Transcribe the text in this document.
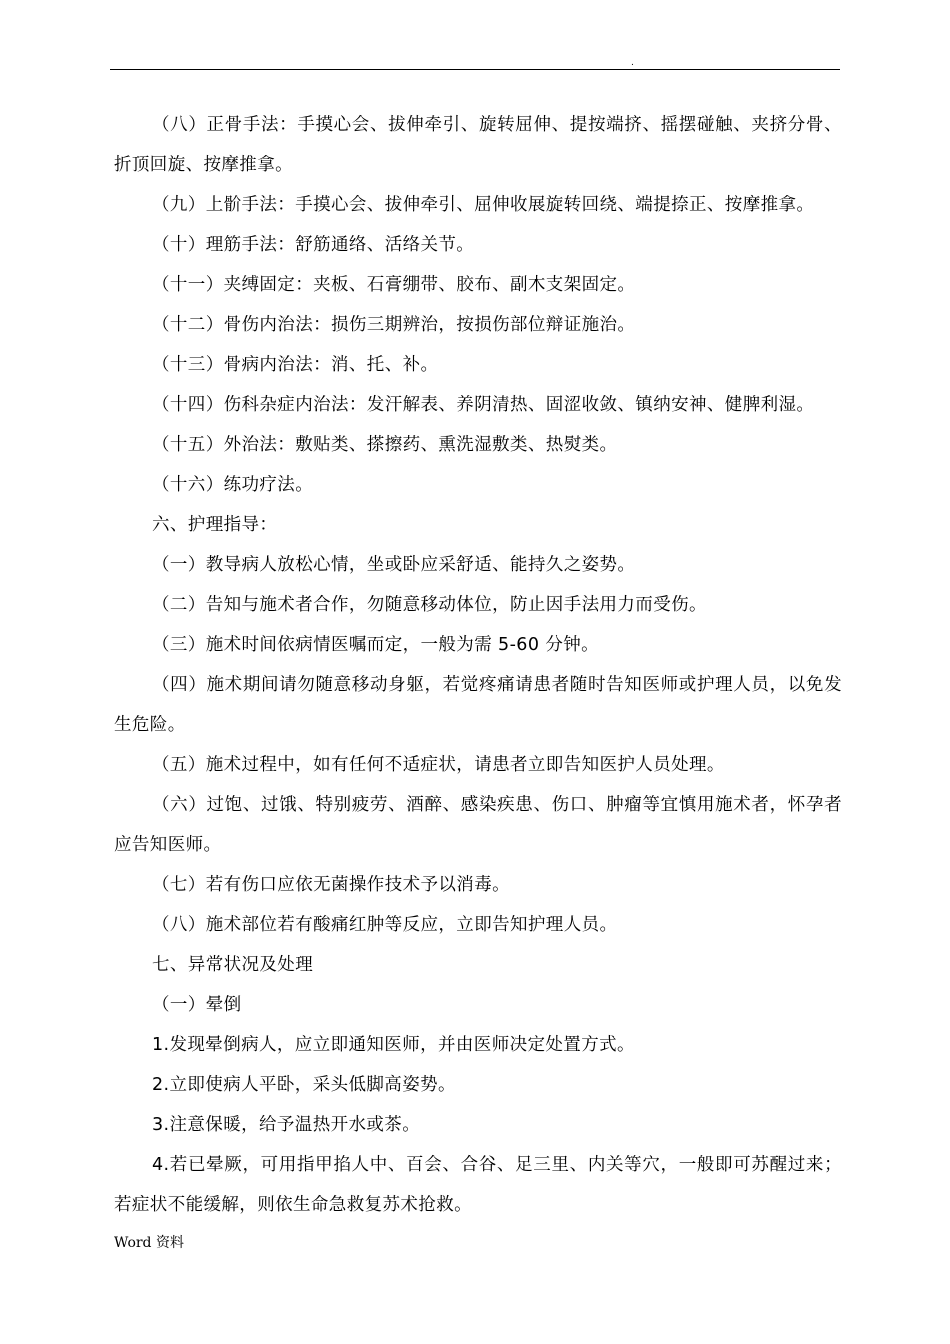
.

（八）正骨手法：手摸心会、拔伸牵引、旋转屈伸、提按端挤、摇摆碰触、夹挤分骨、折顶回旋、按摩推拿。

（九）上骱手法：手摸心会、拔伸牵引、屈伸收展旋转回绕、端提捺正、按摩推拿。

（十）理筋手法：舒筋通络、活络关节。

（十一）夹缚固定：夹板、石膏绷带、胶布、副木支架固定。

（十二）骨伤内治法：损伤三期辨治，按损伤部位辩证施治。

（十三）骨病内治法：消、托、补。

（十四）伤科杂症内治法：发汗解表、养阴清热、固涩收敛、镇纳安神、健脾利湿。

（十五）外治法：敷贴类、搽擦药、熏洗湿敷类、热熨类。

（十六）练功疗法。

六、护理指导：

（一）教导病人放松心情，坐或卧应采舒适、能持久之姿势。

（二）告知与施术者合作，勿随意移动体位，防止因手法用力而受伤。

（三）施术时间依病情医嘱而定，一般为需 5-60 分钟。

（四）施术期间请勿随意移动身躯，若觉疼痛请患者随时告知医师或护理人员，以免发生危险。

（五）施术过程中，如有任何不适症状，请患者立即告知医护人员处理。

（六）过饱、过饿、特别疲劳、酒醉、感染疾患、伤口、肿瘤等宜慎用施术者，怀孕者应告知医师。

（七）若有伤口应依无菌操作技术予以消毒。

（八）施术部位若有酸痛红肿等反应，立即告知护理人员。

七、异常状况及处理

（一）晕倒

1.发现晕倒病人，应立即通知医师，并由医师决定处置方式。

2.立即使病人平卧，采头低脚高姿势。

3.注意保暖，给予温热开水或茶。

4.若已晕厥，可用指甲掐人中、百会、合谷、足三里、内关等穴，一般即可苏醒过来；若症状不能缓解，则依生命急救复苏术抢救。

Word 资料
